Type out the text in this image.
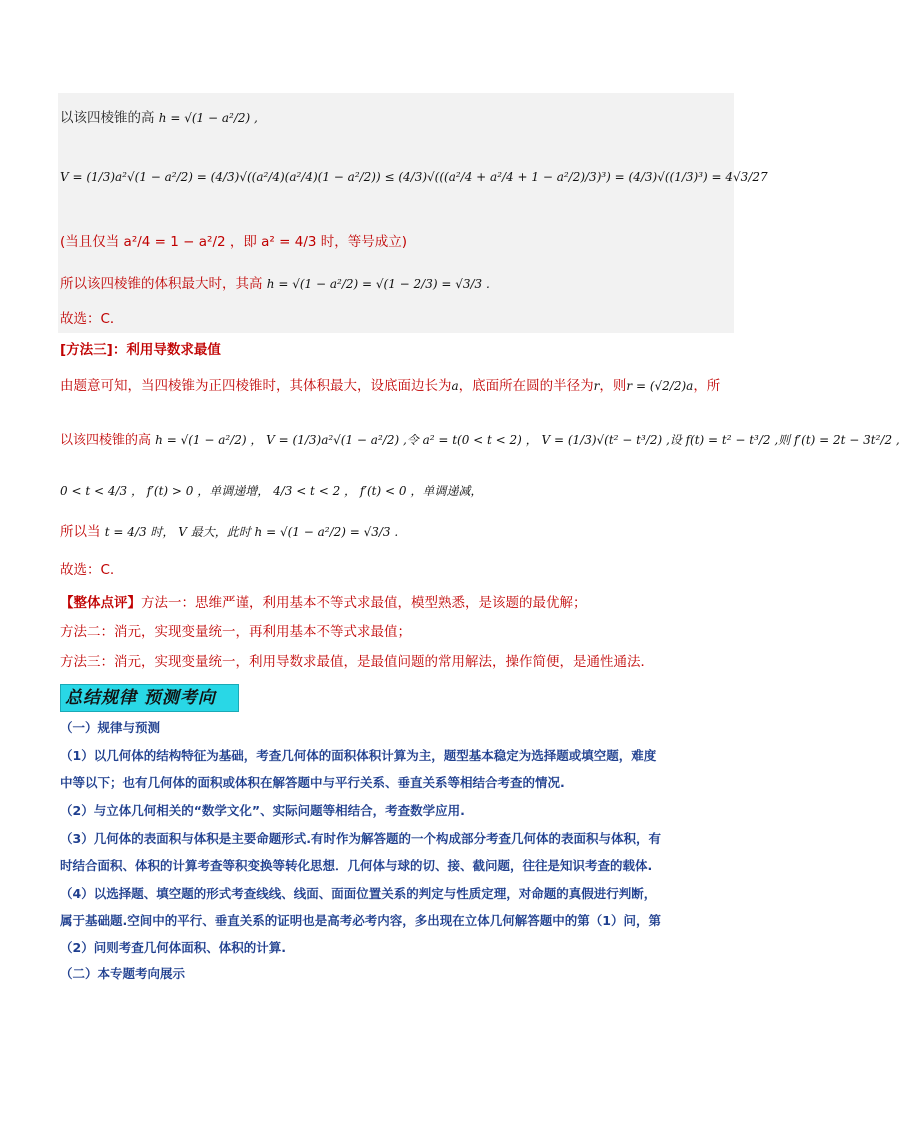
以该四棱锥的高 h = √(1 − a²/2) ,
V = (1/3)a²√(1 − a²/2) = (4/3)√((a²/4)(a²/4)(1 − a²/2)) ≤ (4/3)√(((a²/4 + a²/4 + 1 − a²/2)/3)³) = (4/3)√((1/3)³) = 4√3/27
(当且仅当 a²/4 = 1 − a²/2 ，即 a² = 4/3 时，等号成立)
所以该四棱锥的体积最大时，其高 h = √(1 − a²/2) = √(1 − 2/3) = √3/3 .
故选：C．
[方法三]：利用导数求最值
由题意可知，当四棱锥为正四棱锥时，其体积最大，设底面边长为a，底面所在圆的半径为r，则r = (√2/2)a，所
以该四棱锥的高 h = √(1 − a²/2) ， V = (1/3)a²√(1 − a²/2) ,令 a² = t(0 < t < 2) ， V = (1/3)√(t² − t³/2) ,设 f(t) = t² − t³/2 ,则 f′(t) = 2t − 3t²/2 ,
0 < t < 4/3 ， f′(t) > 0 ，单调递增， 4/3 < t < 2 ， f′(t) < 0 ，单调递减，
所以当 t = 4/3 时， V 最大，此时 h = √(1 − a²/2) = √3/3 .
故选：C.
【整体点评】方法一：思维严谨，利用基本不等式求最值，模型熟悉，是该题的最优解；
方法二：消元，实现变量统一，再利用基本不等式求最值；
方法三：消元，实现变量统一，利用导数求最值，是最值问题的常用解法，操作简便，是通性通法．
总结规律 预测考向
（一）规律与预测
（1）以几何体的结构特征为基础，考查几何体的面积体积计算为主，题型基本稳定为选择题或填空题，难度
中等以下；也有几何体的面积或体积在解答题中与平行关系、垂直关系等相结合考查的情况.
（2）与立体几何相关的“数学文化”、实际问题等相结合，考查数学应用.
（3）几何体的表面积与体积是主要命题形式.有时作为解答题的一个构成部分考查几何体的表面积与体积，有
时结合面积、体积的计算考查等积变换等转化思想．几何体与球的切、接、截问题，往往是知识考查的载体.
（4）以选择题、填空题的形式考查线线、线面、面面位置关系的判定与性质定理，对命题的真假进行判断，
属于基础题.空间中的平行、垂直关系的证明也是高考必考内容，多出现在立体几何解答题中的第（1）问，第
（2）问则考查几何体面积、体积的计算.
（二）本专题考向展示
